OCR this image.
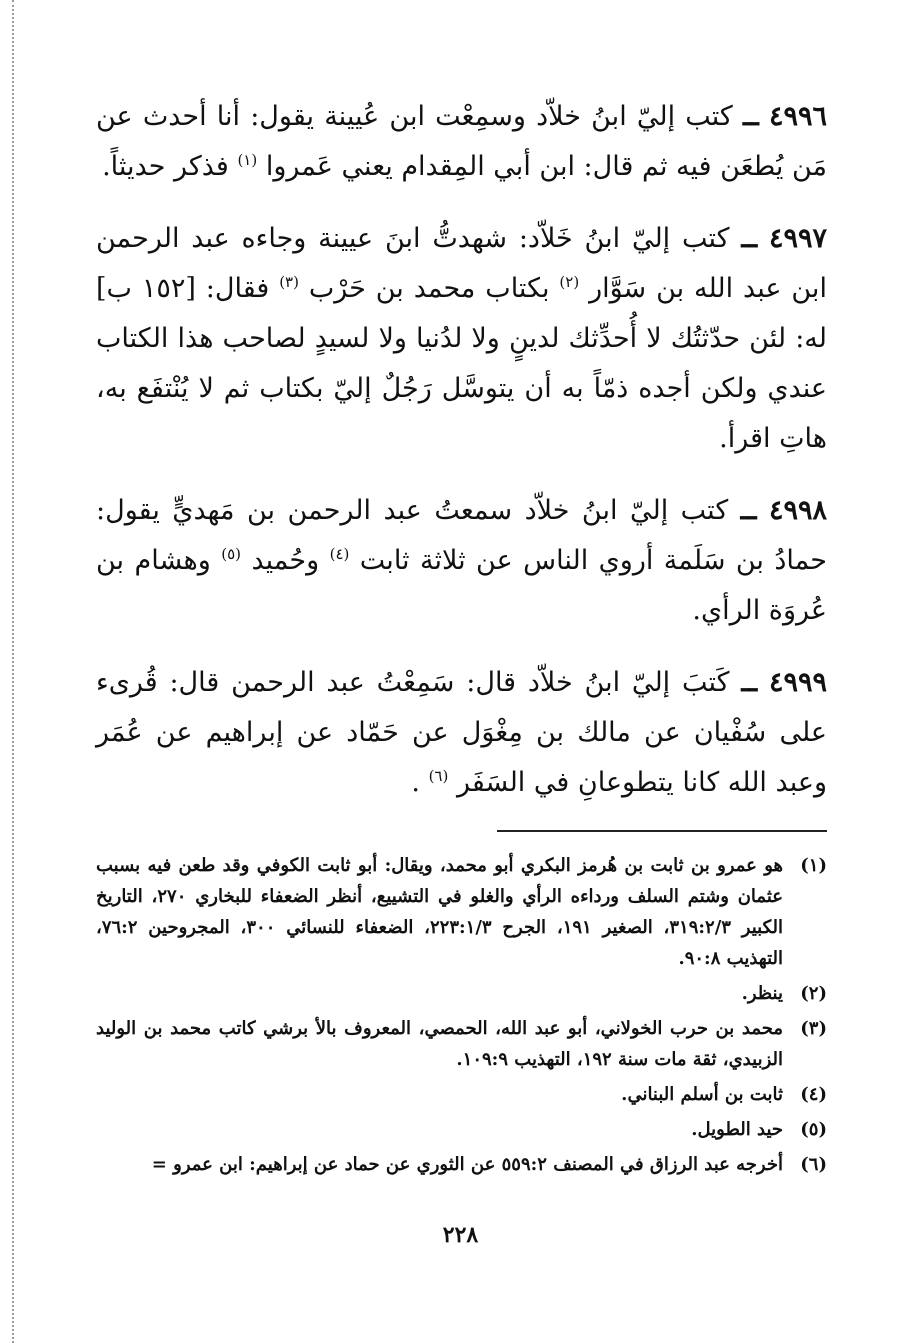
٤٩٩٦ ــ كتب إليّ ابنُ خلاّد وسمِعْت ابن عُيينة يقول: أنا أحدث عن مَن يُطعَن فيه ثم قال: ابن أبي المِقدام يعني عَمروا $^{(١)}$ فذكر حديثاً.

٤٩٩٧ ــ كتب إليّ ابنُ خَلاّد: شهدتُّ ابنَ عيينة وجاءه عبد الرحمن ابن عبد الله بن سَوَّار $^{(٢)}$ بكتاب محمد بن حَرْب $^{(٣)}$ فقال: [١٥٢ ب] له: لئن حدّثتُك لا أُحدِّثك لدينٍ ولا لدُنيا ولا لسيدٍ لصاحب هذا الكتاب عندي ولكن أجده ذمّاً به أن يتوسَّل رَجُلٌ إليّ بكتاب ثم لا يُنْتفَع به، هاتِ اقرأ.

٤٩٩٨ ــ كتب إليّ ابنُ خلاّد سمعتُ عبد الرحمن بن مَهديٍّ يقول: حمادُ بن سَلَمة أروي الناس عن ثلاثة ثابت $^{(٤)}$ وحُميد $^{(٥)}$ وهشام بن عُروَة الرأي.

٤٩٩٩ ــ كَتبَ إليّ ابنُ خلاّد قال: سَمِعْتُ عبد الرحمن قال: قُرىء على سُفْيان عن مالك بن مِغْوَل عن حَمّاد عن إبراهيم عن عُمَر وعبد الله كانا يتطوعانِ في السَفَر $^{(٦)}$ .

(١)
هو عمرو بن ثابت بن هُرمز البكري أبو محمد، ويقال: أبو ثابت الكوفي وقد طعن فيه بسبب عثمان وشتم السلف ورداءه الرأي والغلو في التشييع، أنظر الضعفاء للبخاري ٢٧٠، التاريخ الكبير ٣١٩:٢/٣، الصغير ١٩١، الجرح ٢٢٣:١/٣، الضعفاء للنسائي ٣٠٠، المجروحين ٧٦:٢، التهذيب ٩٠:٨.
(٢)
ينظر.
(٣)
محمد بن حرب الخولاني، أبو عبد الله، الحمصي، المعروف بالأ برشي كاتب محمد بن الوليد الزبيدي، ثقة مات سنة ١٩٢، التهذيب ١٠٩:٩.
(٤)
ثابت بن أسلم البناني.
(٥)
حيد الطويل.
(٦)
أخرجه عبد الرزاق في المصنف ٥٥٩:٢ عن الثوري عن حماد عن إبراهيم: ابن عمرو =
٢٢٨
